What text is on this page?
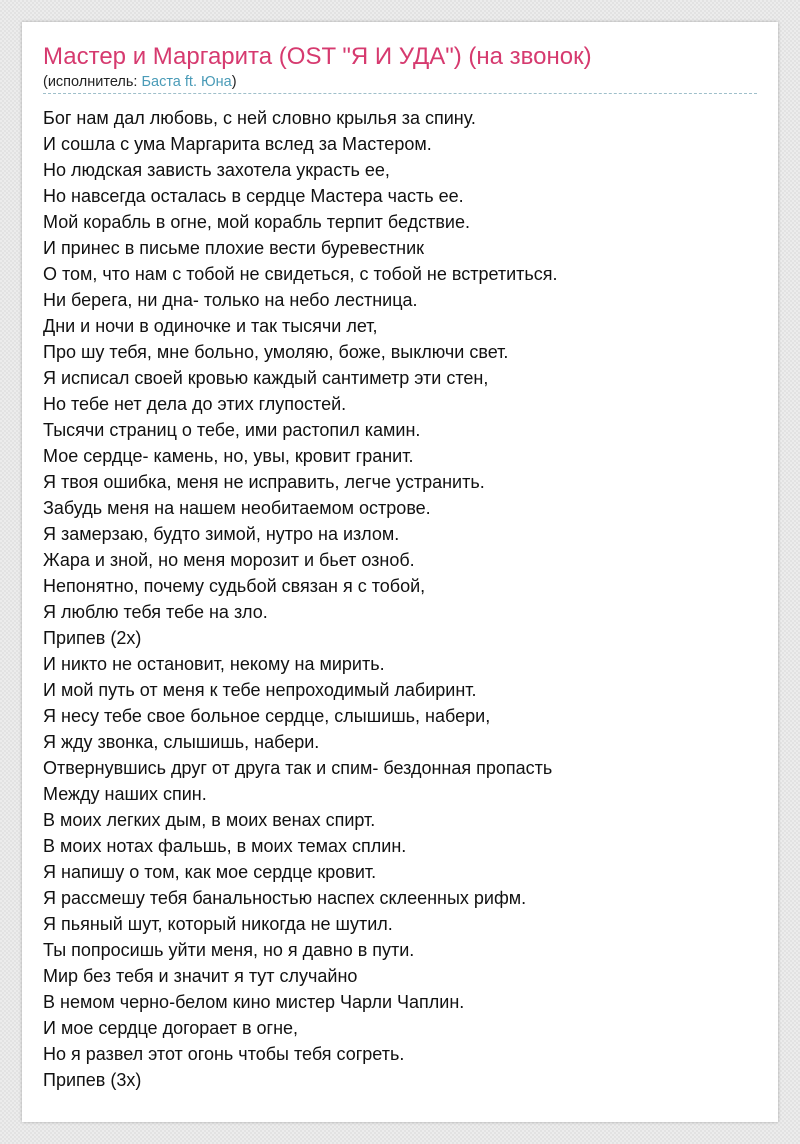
Мастер и Маргарита (OST "Я И УДА") (на звонок)
(исполнитель: Баста ft. Юна)
Бог нам дал любовь, с ней словно крылья за спину.
И сошла с ума Маргарита вслед за Мастером.
Но людская зависть захотела украсть ее,
Но навсегда осталась в сердце Мастера часть ее.
Мой корабль в огне, мой корабль терпит бедствие.
И принес в письме плохие вести буревестник
О том, что нам с тобой не свидеться, с тобой не встретиться.
Ни берега, ни дна- только на небо лестница.
Дни и ночи в одиночке и так тысячи лет,
Про шу тебя, мне больно, умоляю, боже, выключи свет.
Я исписал своей кровью каждый сантиметр эти стен,
Но тебе нет дела до этих глупостей.
Тысячи страниц о тебе, ими растопил камин.
Мое сердце- камень, но, увы, кровит гранит.
Я твоя ошибка, меня не исправить, легче устранить.
Забудь меня на нашем необитаемом острове.
Я замерзаю, будто зимой, нутро на излом.
Жара и зной, но меня морозит и бьет озноб.
Непонятно, почему судьбой связан я с тобой,
Я люблю тебя тебе на зло.
Припев (2х)
И никто не остановит, некому на мирить.
И мой путь от меня к тебе непроходимый лабиринт.
Я несу тебе свое больное сердце, слышишь, набери,
Я жду звонка, слышишь, набери.
Отвернувшись друг от друга так и спим- бездонная пропасть
Между наших спин.
В моих легких дым, в моих венах спирт.
В моих нотах фальшь, в моих темах сплин.
Я напишу о том, как мое сердце кровит.
Я рассмешу тебя банальностью наспех склеенных рифм.
Я пьяный шут, который никогда не шутил.
Ты попросишь уйти меня, но я давно в пути.
Мир без тебя и значит я тут случайно
В немом черно-белом кино мистер Чарли Чаплин.
И мое сердце догорает в огне,
Но я развел этот огонь чтобы тебя согреть.
Припев (3х)
